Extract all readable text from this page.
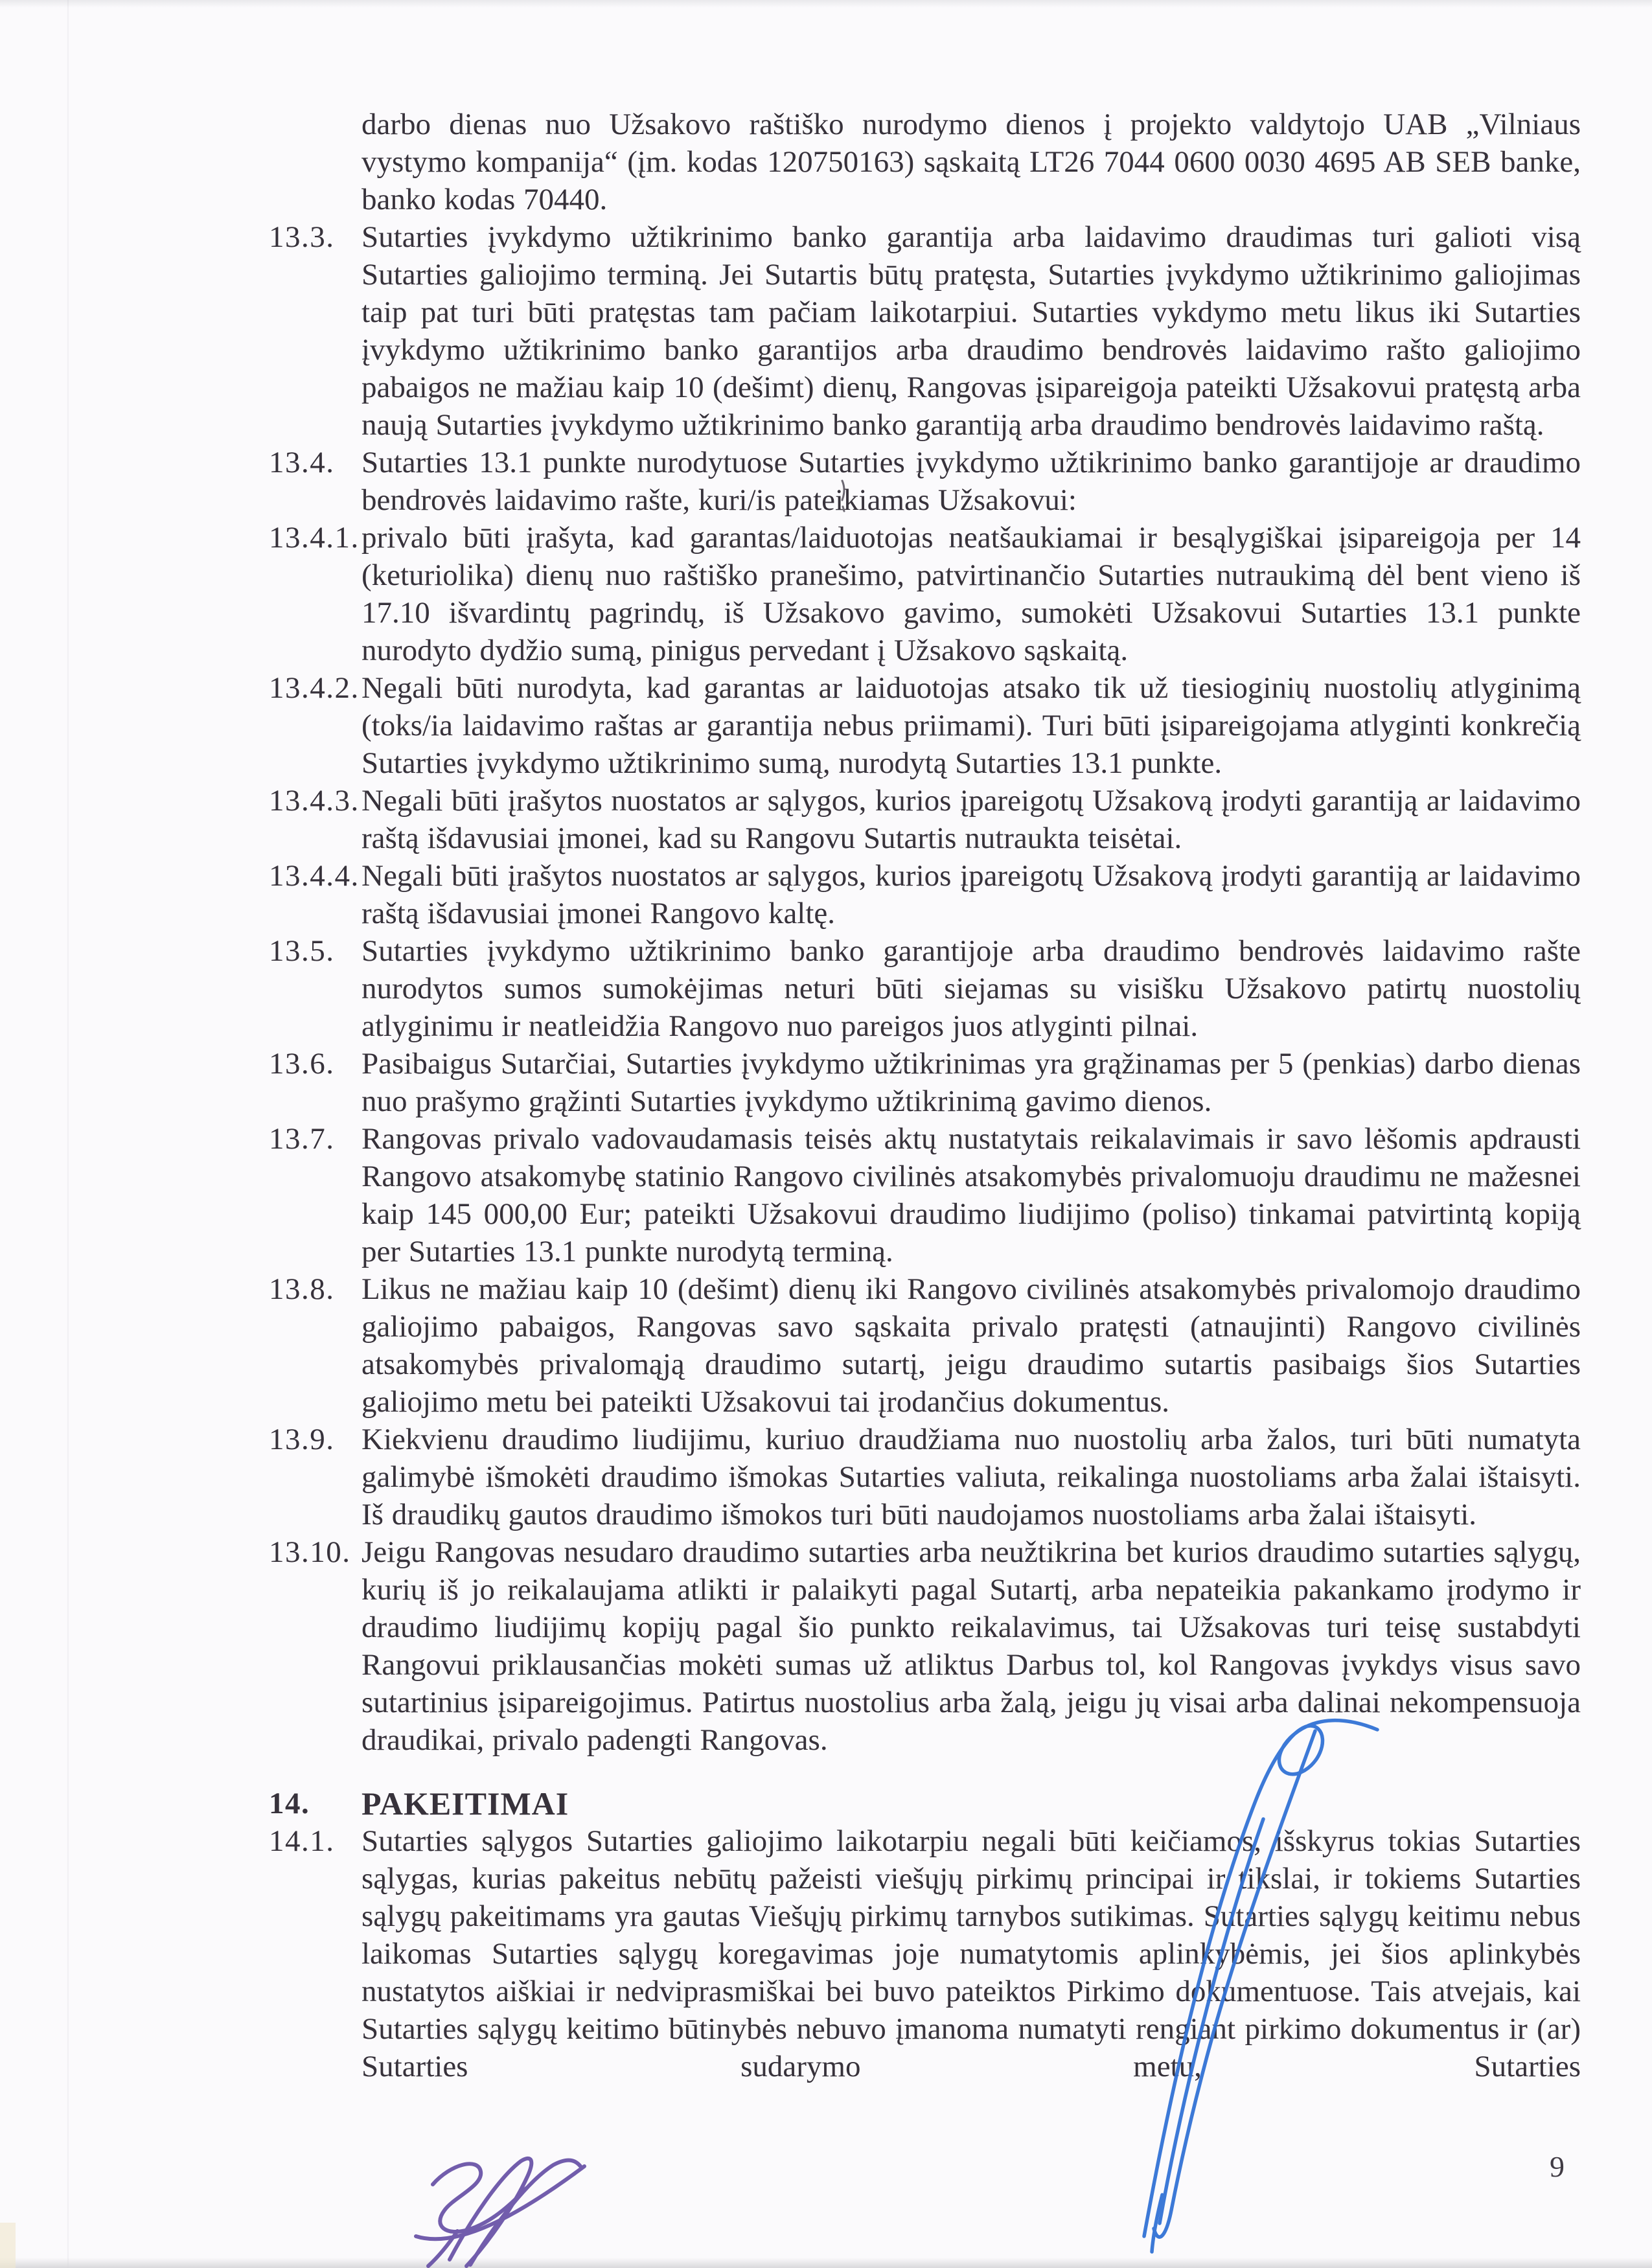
darbo dienas nuo Užsakovo raštiško nurodymo dienos į projekto valdytojo UAB „Vilniaus vystymo kompanija“ (įm. kodas 120750163) sąskaitą LT26 7044 0600 0030 4695 AB SEB banke, banko kodas 70440.
13.3. Sutarties įvykdymo užtikrinimo banko garantija arba laidavimo draudimas turi galioti visą Sutarties galiojimo terminą. Jei Sutartis būtų pratęsta, Sutarties įvykdymo užtikrinimo galiojimas taip pat turi būti pratęstas tam pačiam laikotarpiui. Sutarties vykdymo metu likus iki Sutarties įvykdymo užtikrinimo banko garantijos arba draudimo bendrovės laidavimo rašto galiojimo pabaigos ne mažiau kaip 10 (dešimt) dienų, Rangovas įsipareigoja pateikti Užsakovui pratęstą arba naują Sutarties įvykdymo užtikrinimo banko garantiją arba draudimo bendrovės laidavimo raštą.
13.4. Sutarties 13.1 punkte nurodytuose Sutarties įvykdymo užtikrinimo banko garantijoje ar draudimo bendrovės laidavimo rašte, kuri/is pateikiamas Užsakovui:
13.4.1. privalo būti įrašyta, kad garantas/laiduotojas neatšaukiamai ir besąlygiškai įsipareigoja per 14 (keturiolika) dienų nuo raštiško pranešimo, patvirtinančio Sutarties nutraukimą dėl bent vieno iš 17.10 išvardintų pagrindų, iš Užsakovo gavimo, sumokėti Užsakovui Sutarties 13.1 punkte nurodyto dydžio sumą, pinigus pervedant į Užsakovo sąskaitą.
13.4.2. Negali būti nurodyta, kad garantas ar laiduotojas atsako tik už tiesioginių nuostolių atlyginimą (toks/ia laidavimo raštas ar garantija nebus priimami). Turi būti įsipareigojama atlyginti konkrečią Sutarties įvykdymo užtikrinimo sumą, nurodytą Sutarties 13.1 punkte.
13.4.3. Negali būti įrašytos nuostatos ar sąlygos, kurios įpareigotų Užsakovą įrodyti garantiją ar laidavimo raštą išdavusiai įmonei, kad su Rangovu Sutartis nutraukta teisėtai.
13.4.4. Negali būti įrašytos nuostatos ar sąlygos, kurios įpareigotų Užsakovą įrodyti garantiją ar laidavimo raštą išdavusiai įmonei Rangovo kaltę.
13.5. Sutarties įvykdymo užtikrinimo banko garantijoje arba draudimo bendrovės laidavimo rašte nurodytos sumos sumokėjimas neturi būti siejamas su visišku Užsakovo patirtų nuostolių atlyginimu ir neatleidžia Rangovo nuo pareigos juos atlyginti pilnai.
13.6. Pasibaigus Sutarčiai, Sutarties įvykdymo užtikrinimas yra grąžinamas per 5 (penkias) darbo dienas nuo prašymo grąžinti Sutarties įvykdymo užtikrinimą gavimo dienos.
13.7. Rangovas privalo vadovaudamasis teisės aktų nustatytais reikalavimais ir savo lėšomis apdrausti Rangovo atsakomybę statinio Rangovo civilinės atsakomybės privalomuoju draudimu ne mažesnei kaip 145 000,00 Eur; pateikti Užsakovui draudimo liudijimo (poliso) tinkamai patvirtintą kopiją per Sutarties 13.1 punkte nurodytą terminą.
13.8. Likus ne mažiau kaip 10 (dešimt) dienų iki Rangovo civilinės atsakomybės privalomojo draudimo galiojimo pabaigos, Rangovas savo sąskaita privalo pratęsti (atnaujinti) Rangovo civilinės atsakomybės privalomąją draudimo sutartį, jeigu draudimo sutartis pasibaigs šios Sutarties galiojimo metu bei pateikti Užsakovui tai įrodančius dokumentus.
13.9. Kiekvienu draudimo liudijimu, kuriuo draudžiama nuo nuostolių arba žalos, turi būti numatyta galimybė išmokėti draudimo išmokas Sutarties valiuta, reikalinga nuostoliams arba žalai ištaisyti. Iš draudikų gautos draudimo išmokos turi būti naudojamos nuostoliams arba žalai ištaisyti.
13.10. Jeigu Rangovas nesudaro draudimo sutarties arba neužtikrina bet kurios draudimo sutarties sąlygų, kurių iš jo reikalaujama atlikti ir palaikyti pagal Sutartį, arba nepateikia pakankamo įrodymo ir draudimo liudijimų kopijų pagal šio punkto reikalavimus, tai Užsakovas turi teisę sustabdyti Rangovui priklausančias mokėti sumas už atliktus Darbus tol, kol Rangovas įvykdys visus savo sutartinius įsipareigojimus. Patirtus nuostolius arba žalą, jeigu jų visai arba dalinai nekompensuoja draudikai, privalo padengti Rangovas.
14.	PAKEITIMAI
14.1. Sutarties sąlygos Sutarties galiojimo laikotarpiu negali būti keičiamos, išskyrus tokias Sutarties sąlygas, kurias pakeitus nebūtų pažeisti viešųjų pirkimų principai ir tikslai, ir tokiems Sutarties sąlygų pakeitimams yra gautas Viešųjų pirkimų tarnybos sutikimas. Sutarties sąlygų keitimu nebus laikomas Sutarties sąlygų koregavimas joje numatytomis aplinkybėmis, jei šios aplinkybės nustatytos aiškiai ir nedviprasmiškai bei buvo pateiktos Pirkimo dokumentuose. Tais atvejais, kai Sutarties sąlygų keitimo būtinybės nebuvo įmanoma numatyti rengiant pirkimo dokumentus ir (ar) Sutarties sudarymo metu, Sutarties
9
